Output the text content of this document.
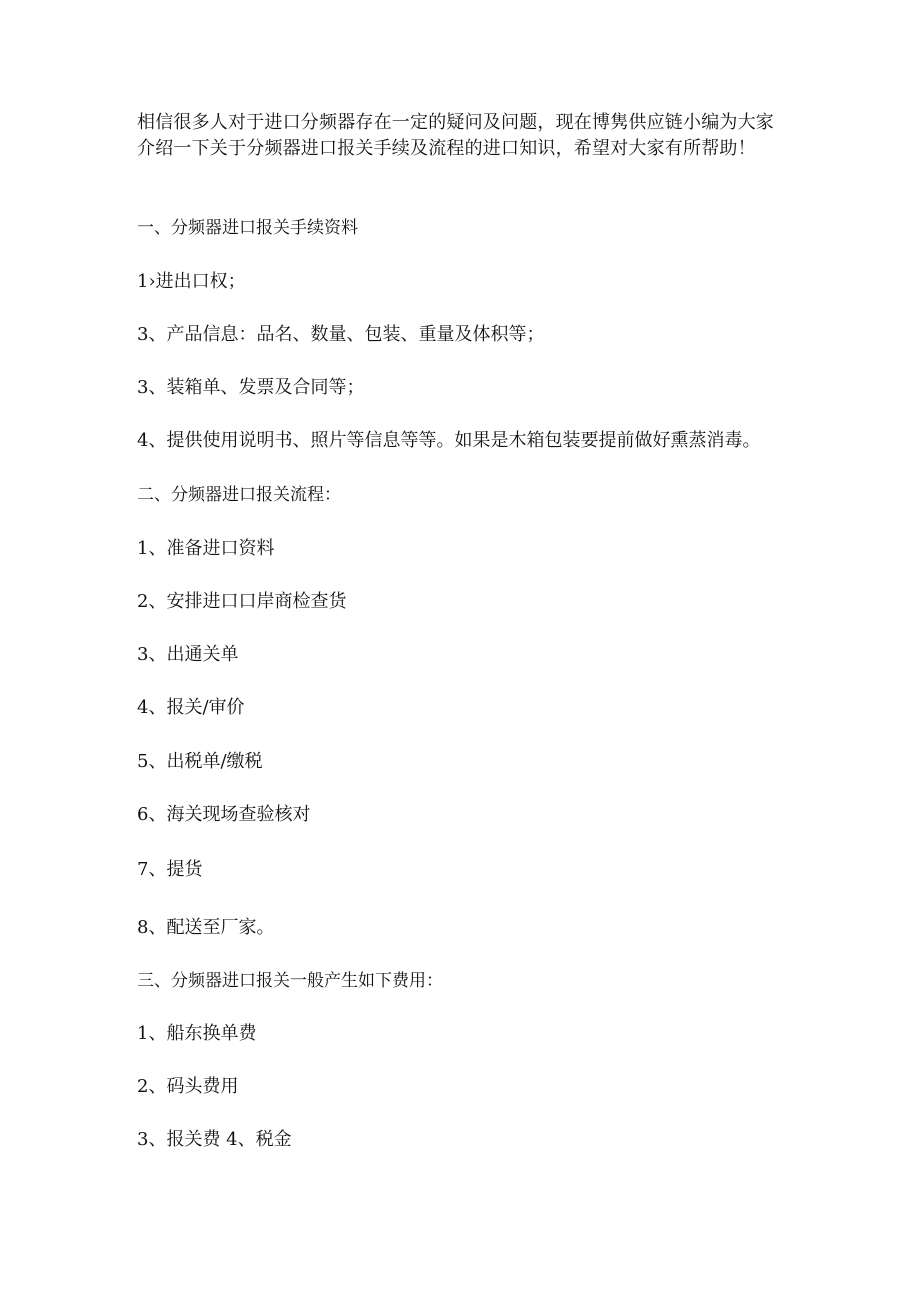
相信很多人对于进口分频器存在一定的疑问及问题，现在博隽供应链小编为大家介绍一下关于分频器进口报关手续及流程的进口知识，希望对大家有所帮助！

一、分频器进口报关手续资料

1›进出口权；

3、产品信息：品名、数量、包装、重量及体积等；

3、装箱单、发票及合同等；

4、提供使用说明书、照片等信息等等。如果是木箱包装要提前做好熏蒸消毒。

二、分频器进口报关流程：

1、准备进口资料

2、安排进口口岸商检查货

3、出通关单

4、报关/审价

5、出税单/缴税

6、海关现场查验核对

7、提货

8、配送至厂家。

三、分频器进口报关一般产生如下费用：

1、船东换单费

2、码头费用

3、报关费 4、税金
